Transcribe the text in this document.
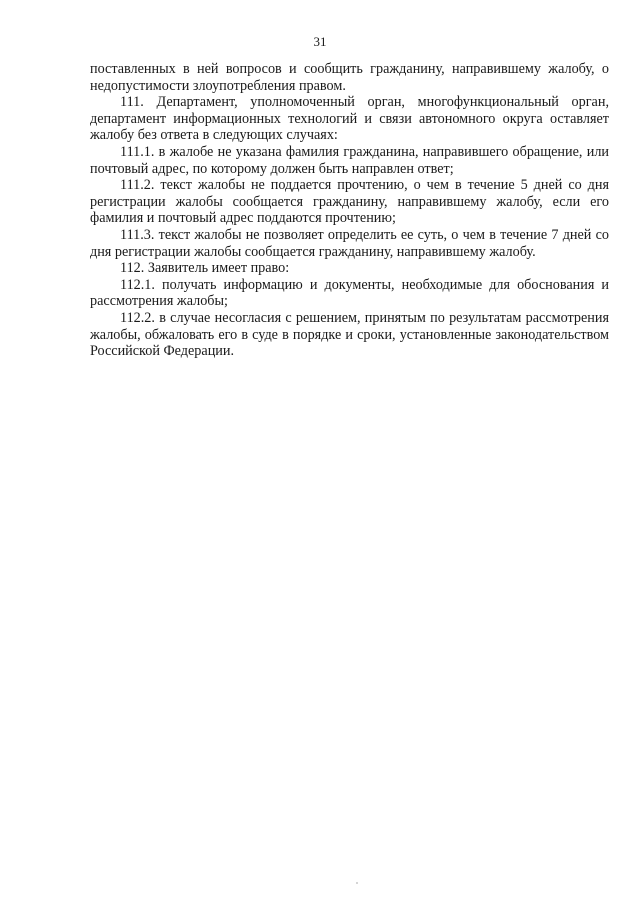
31

поставленных в ней вопросов и сообщить гражданину, направившему жалобу, о недопустимости злоупотребления правом.

111. Департамент, уполномоченный орган, многофункциональный орган, департамент информационных технологий и связи автономного округа оставляет жалобу без ответа в следующих случаях:

111.1. в жалобе не указана фамилия гражданина, направившего обращение, или почтовый адрес, по которому должен быть направлен ответ;

111.2. текст жалобы не поддается прочтению, о чем в течение 5 дней со дня регистрации жалобы сообщается гражданину, направившему жалобу, если его фамилия и почтовый адрес поддаются прочтению;

111.3. текст жалобы не позволяет определить ее суть, о чем в течение 7 дней со дня регистрации жалобы сообщается гражданину, направившему жалобу.

112. Заявитель имеет право:

112.1. получать информацию и документы, необходимые для обоснования и рассмотрения жалобы;

112.2. в случае несогласия с решением, принятым по результатам рассмотрения жалобы, обжаловать его в суде в порядке и сроки, установленные законодательством Российской Федерации.
